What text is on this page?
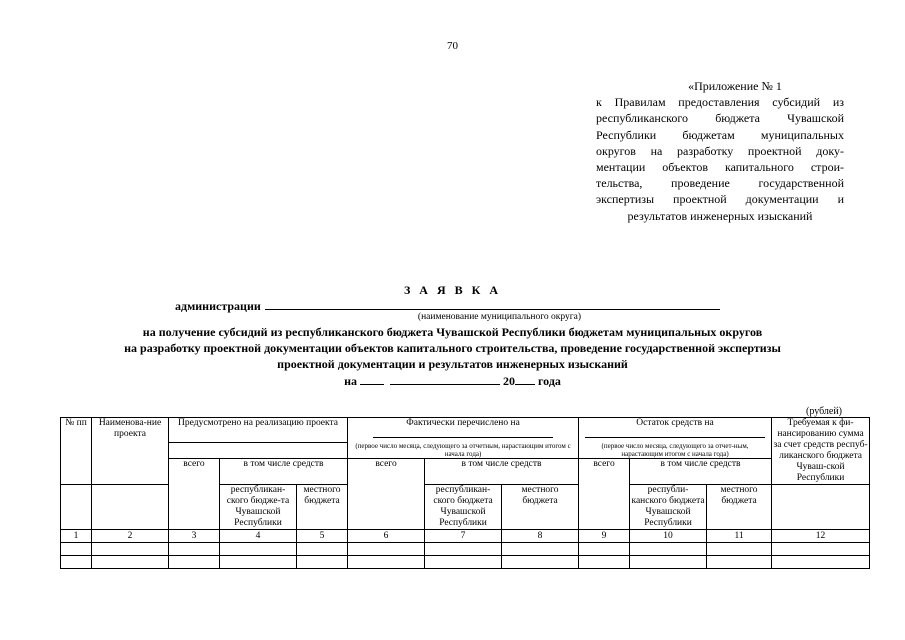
70
«Приложение № 1
к Правилам предоставления субсидий из
республиканского бюджета Чувашской
Республики бюджетам муниципальных
округов на разработку проектной доку-
ментации объектов капитального строи-
тельства, проведение государственной
экспертизы проектной документации и
результатов инженерных изысканий
З А Я В К А
администрации
(наименование муниципального округа)
на получение субсидий из республиканского бюджета Чувашской Республики бюджетам муниципальных округов
на разработку проектной документации объектов капитального строительства, проведение государственной экспертизы
проектной документации и результатов инженерных изысканий
на	20 года
(рублей)
№ пп	Наименова-ние проекта	Предусмотрено на реализацию проекта			Фактически перечислено на			Остаток средств на			Требуемая к фи-нансированию сумма за счет средств респуб-ликанского бюджета Чуваш-ской Республики
					(первое число месяца, следующего за отчетным, нарастающим итогом с начала года)			(первое число месяца, следующего за отчет-ным, нарастающим итогом с начала года)			
		всего	в том числе средств		всего	в том числе средств		всего	в том числе средств		
			республикан-ского бюдже-та Чувашской Республики	местного бюджета		республикан-ского бюджета Чувашской Республики	местного бюджета		республи-канского бюджета Чувашской Республики	местного бюджета	
1	2	3	4	5	6	7	8	9	10	11	12
